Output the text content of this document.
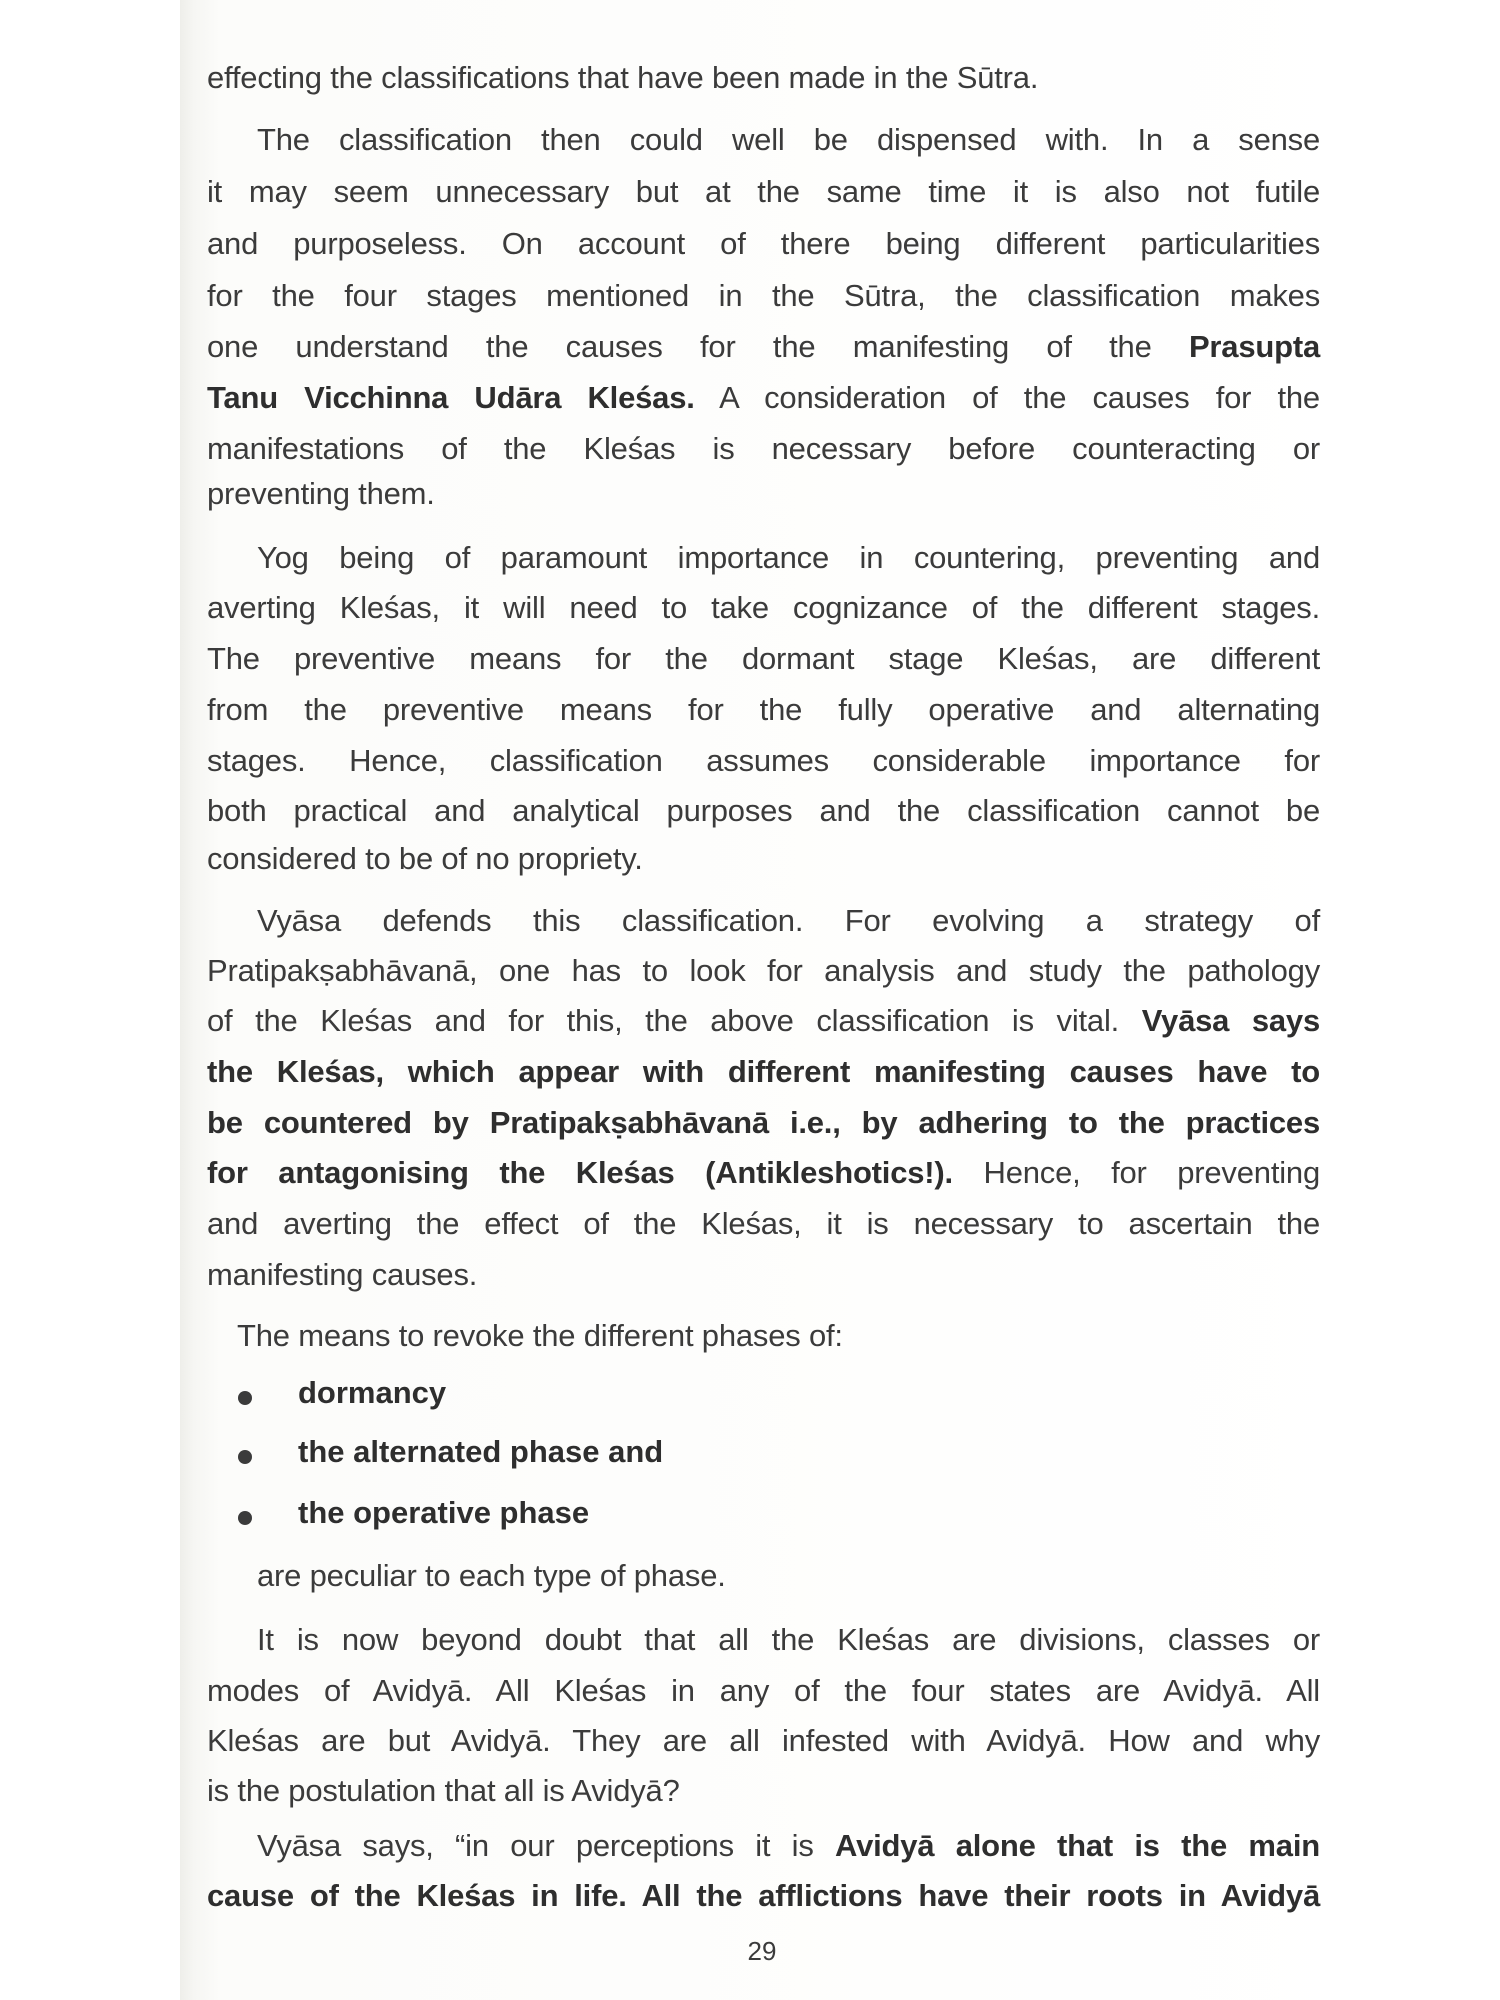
effecting the classifications that have been made in the Sūtra.
The classification then could well be dispensed with. In a sense
it may seem unnecessary but at the same time it is also not futile
and purposeless. On account of there being different particularities
for the four stages mentioned in the Sūtra, the classification makes
one understand the causes for the manifesting of the Prasupta
Tanu Vicchinna Udāra Kleśas. A consideration of the causes for the
manifestations of the Kleśas is necessary before counteracting or
preventing them.
Yog being of paramount importance in countering, preventing and
averting Kleśas, it will need to take cognizance of the different stages.
The preventive means for the dormant stage Kleśas, are different
from the preventive means for the fully operative and alternating
stages. Hence, classification assumes considerable importance for
both practical and analytical purposes and the classification cannot be
considered to be of no propriety.
Vyāsa defends this classification. For evolving a strategy of
Pratipakṣabhāvanā, one has to look for analysis and study the pathology
of the Kleśas and for this, the above classification is vital. Vyāsa says
the Kleśas, which appear with different manifesting causes have to
be countered by Pratipakṣabhāvanā i.e., by adhering to the practices
for antagonising the Kleśas (Antikleshotics!). Hence, for preventing
and averting the effect of the Kleśas, it is necessary to ascertain the
manifesting causes.
The means to revoke the different phases of:
dormancy
the alternated phase and
the operative phase
are peculiar to each type of phase.
It is now beyond doubt that all the Kleśas are divisions, classes or
modes of Avidyā. All Kleśas in any of the four states are Avidyā. All
Kleśas are but Avidyā. They are all infested with Avidyā. How and why
is the postulation that all is Avidyā?
Vyāsa says, “in our perceptions it is Avidyā alone that is the main
cause of the Kleśas in life. All the afflictions have their roots in Avidyā
29
